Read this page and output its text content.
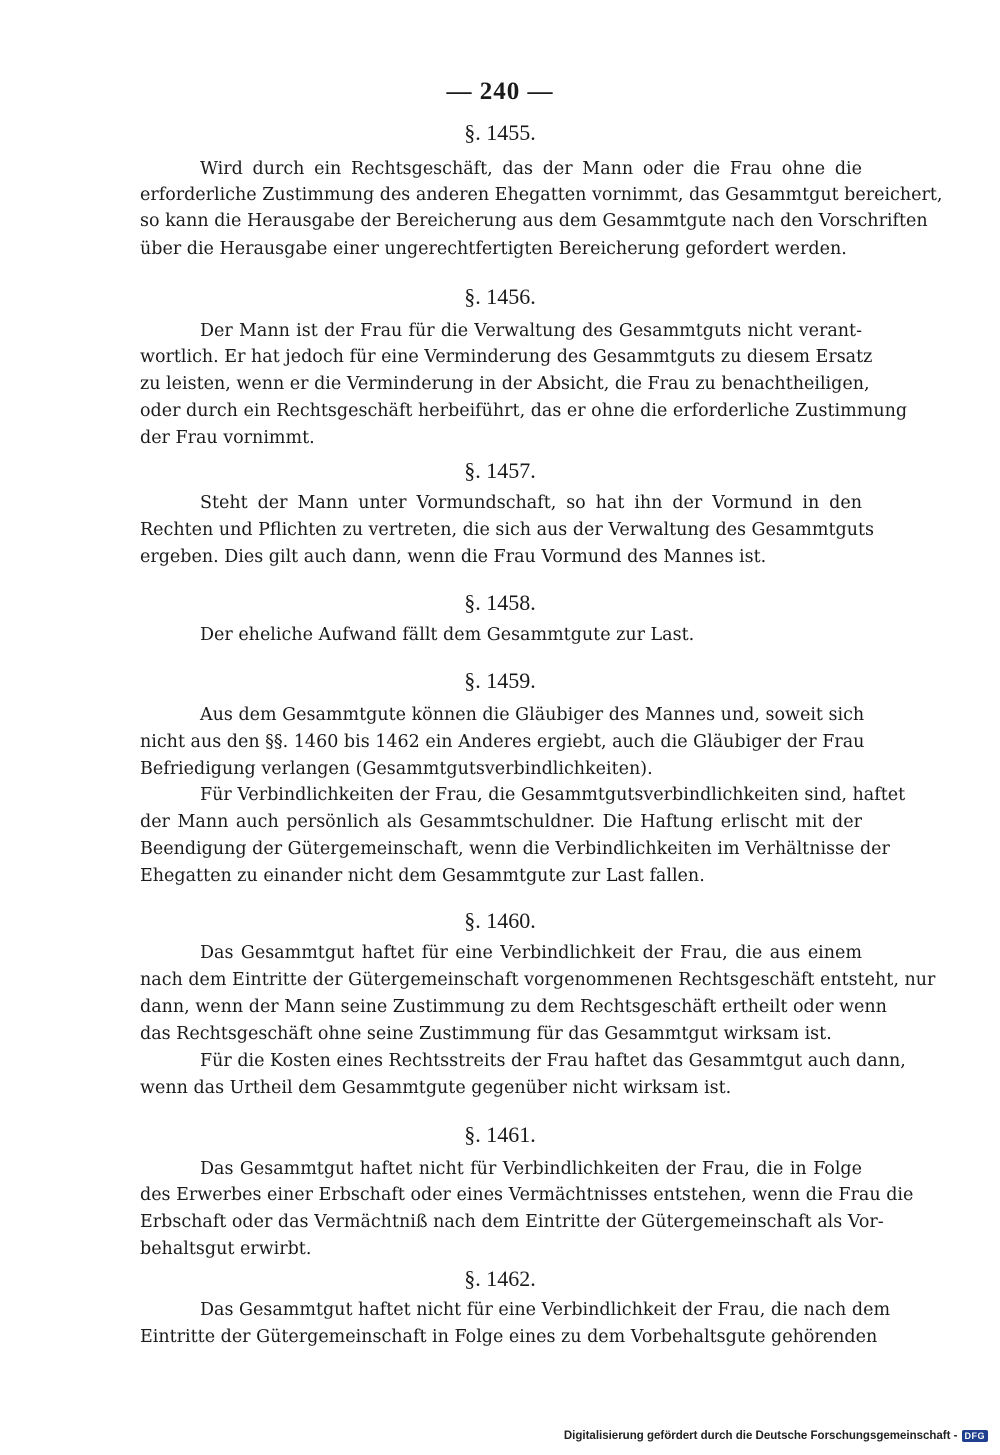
— 240 —
§. 1455.
Wird durch ein Rechtsgeschäft, das der Mann oder die Frau ohne die
erforderliche Zustimmung des anderen Ehegatten vornimmt, das Gesammtgut bereichert,
so kann die Herausgabe der Bereicherung aus dem Gesammtgute nach den Vorschriften
über die Herausgabe einer ungerechtfertigten Bereicherung gefordert werden.
§. 1456.
Der Mann ist der Frau für die Verwaltung des Gesammtguts nicht verant-
wortlich. Er hat jedoch für eine Verminderung des Gesammtguts zu diesem Ersatz
zu leisten, wenn er die Verminderung in der Absicht, die Frau zu benachtheiligen,
oder durch ein Rechtsgeschäft herbeiführt, das er ohne die erforderliche Zustimmung
der Frau vornimmt.
§. 1457.
Steht der Mann unter Vormundschaft, so hat ihn der Vormund in den
Rechten und Pflichten zu vertreten, die sich aus der Verwaltung des Gesammtguts
ergeben. Dies gilt auch dann, wenn die Frau Vormund des Mannes ist.
§. 1458.
Der eheliche Aufwand fällt dem Gesammtgute zur Last.
§. 1459.
Aus dem Gesammtgute können die Gläubiger des Mannes und, soweit sich
nicht aus den §§. 1460 bis 1462 ein Anderes ergiebt, auch die Gläubiger der Frau
Befriedigung verlangen (Gesammtgutsverbindlichkeiten).
Für Verbindlichkeiten der Frau, die Gesammtgutsverbindlichkeiten sind, haftet
der Mann auch persönlich als Gesammtschuldner. Die Haftung erlischt mit der
Beendigung der Gütergemeinschaft, wenn die Verbindlichkeiten im Verhältnisse der
Ehegatten zu einander nicht dem Gesammtgute zur Last fallen.
§. 1460.
Das Gesammtgut haftet für eine Verbindlichkeit der Frau, die aus einem
nach dem Eintritte der Gütergemeinschaft vorgenommenen Rechtsgeschäft entsteht, nur
dann, wenn der Mann seine Zustimmung zu dem Rechtsgeschäft ertheilt oder wenn
das Rechtsgeschäft ohne seine Zustimmung für das Gesammtgut wirksam ist.
Für die Kosten eines Rechtsstreits der Frau haftet das Gesammtgut auch dann,
wenn das Urtheil dem Gesammtgute gegenüber nicht wirksam ist.
§. 1461.
Das Gesammtgut haftet nicht für Verbindlichkeiten der Frau, die in Folge
des Erwerbes einer Erbschaft oder eines Vermächtnisses entstehen, wenn die Frau die
Erbschaft oder das Vermächtniß nach dem Eintritte der Gütergemeinschaft als Vor-
behaltsgut erwirbt.
§. 1462.
Das Gesammtgut haftet nicht für eine Verbindlichkeit der Frau, die nach dem
Eintritte der Gütergemeinschaft in Folge eines zu dem Vorbehaltsgute gehörenden
Digitalisierung gefördert durch die Deutsche Forschungsgemeinschaft - DFG
